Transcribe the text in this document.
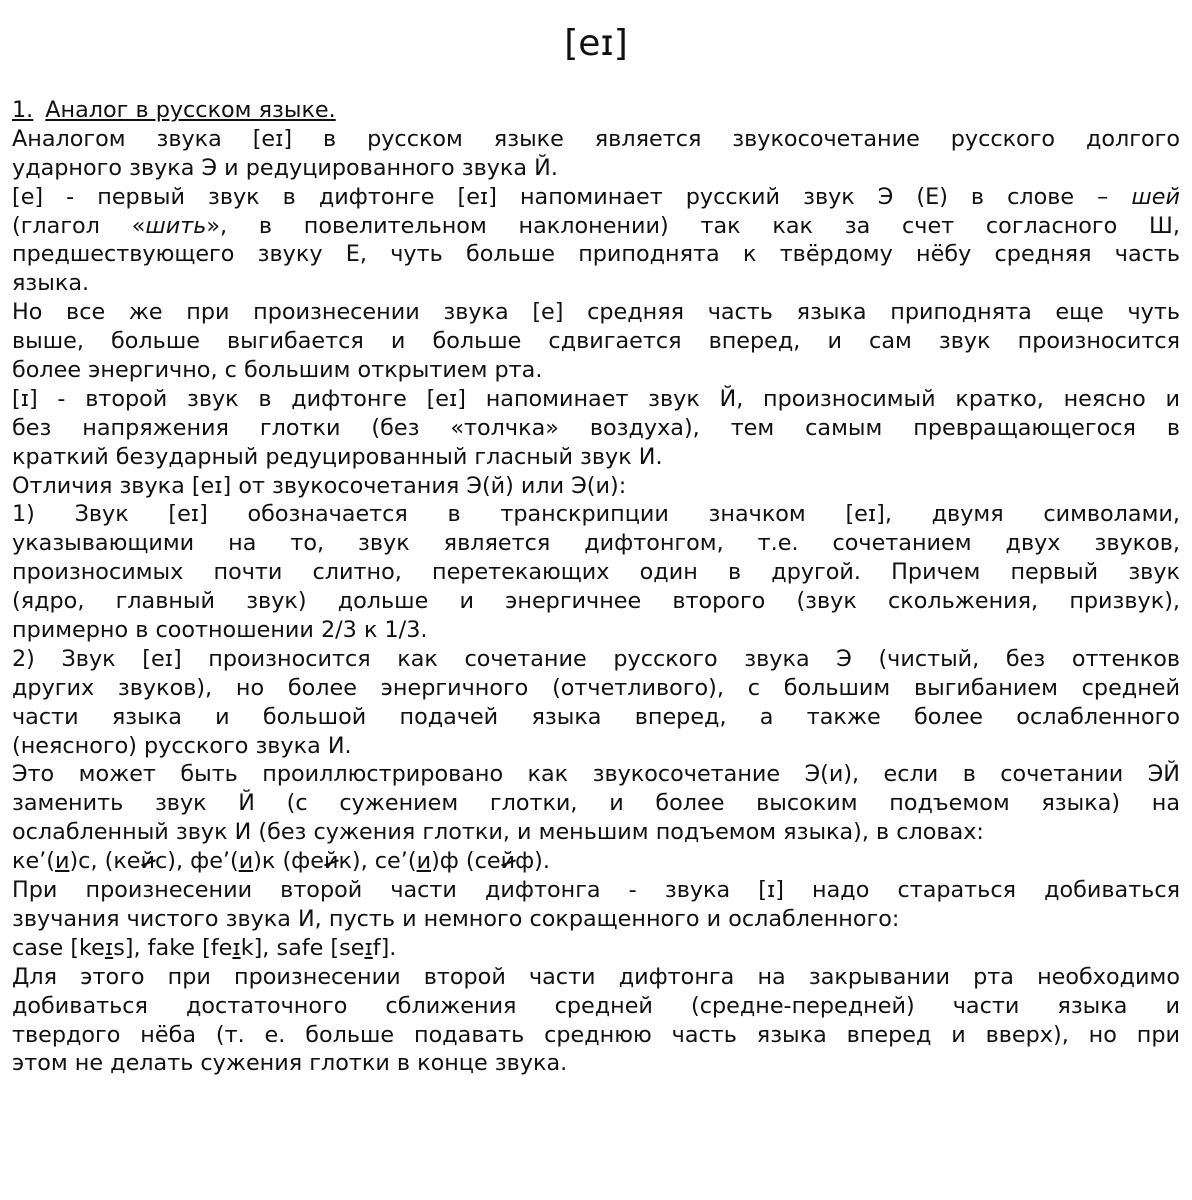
[eɪ]
1. Аналог в русском языке.
Аналогом звука [eɪ] в русском языке является звукосочетание русского долгого
ударного звука Э и редуцированного звука Й.
[e] - первый звук в дифтонге [eɪ] напоминает русский звук Э (Е) в слове – шей
(глагол «шить», в повелительном наклонении) так как за счет согласного Ш,
предшествующего звуку Е, чуть больше приподнята к твёрдому нёбу средняя часть
языка.
Но все же при произнесении звука [e] средняя часть языка приподнята еще чуть
выше, больше выгибается и больше сдвигается вперед, и сам звук произносится
более энергично, с большим открытием рта.
[ɪ] - второй звук в дифтонге [eɪ] напоминает звук Й, произносимый кратко, неясно и
без напряжения глотки (без «толчка» воздуха), тем самым превращающегося в
краткий безударный редуцированный гласный звук И.
Отличия звука [eɪ] от звукосочетания Э(й) или Э(и):
1) Звук [eɪ] обозначается в транскрипции значком [eɪ], двумя символами,
указывающими на то, звук является дифтонгом, т.е. сочетанием двух звуков,
произносимых почти слитно, перетекающих один в другой. Причем первый звук
(ядро, главный звук) дольше и энергичнее второго (звук скольжения, призвук),
примерно в соотношении 2/3 к 1/3.
2) Звук [eɪ] произносится как сочетание русского звука Э (чистый, без оттенков
других звуков), но более энергичного (отчетливого), с большим выгибанием средней
части языка и большой подачей языка вперед, а также более ослабленного
(неясного) русского звука И.
Это может быть проиллюстрировано как звукосочетание Э(и), если в сочетании ЭЙ
заменить звук Й (с сужением глотки, и более высоким подъемом языка) на
ослабленный звук И (без сужения глотки, и меньшим подъемом языка), в словах:
ке’(и)с, (кейс), фе’(и)к (фейк), се’(и)ф (сейф).
При произнесении второй части дифтонга - звука [ɪ] надо стараться добиваться
звучания чистого звука И, пусть и немного сокращенного и ослабленного:
case [keɪs], fake [feɪk], safe [seɪf].
Для этого при произнесении второй части дифтонга на закрывании рта необходимо
добиваться достаточного сближения средней (средне-передней) части языка и
твердого нёба (т. е. больше подавать среднюю часть языка вперед и вверх), но при
этом не делать сужения глотки в конце звука.
